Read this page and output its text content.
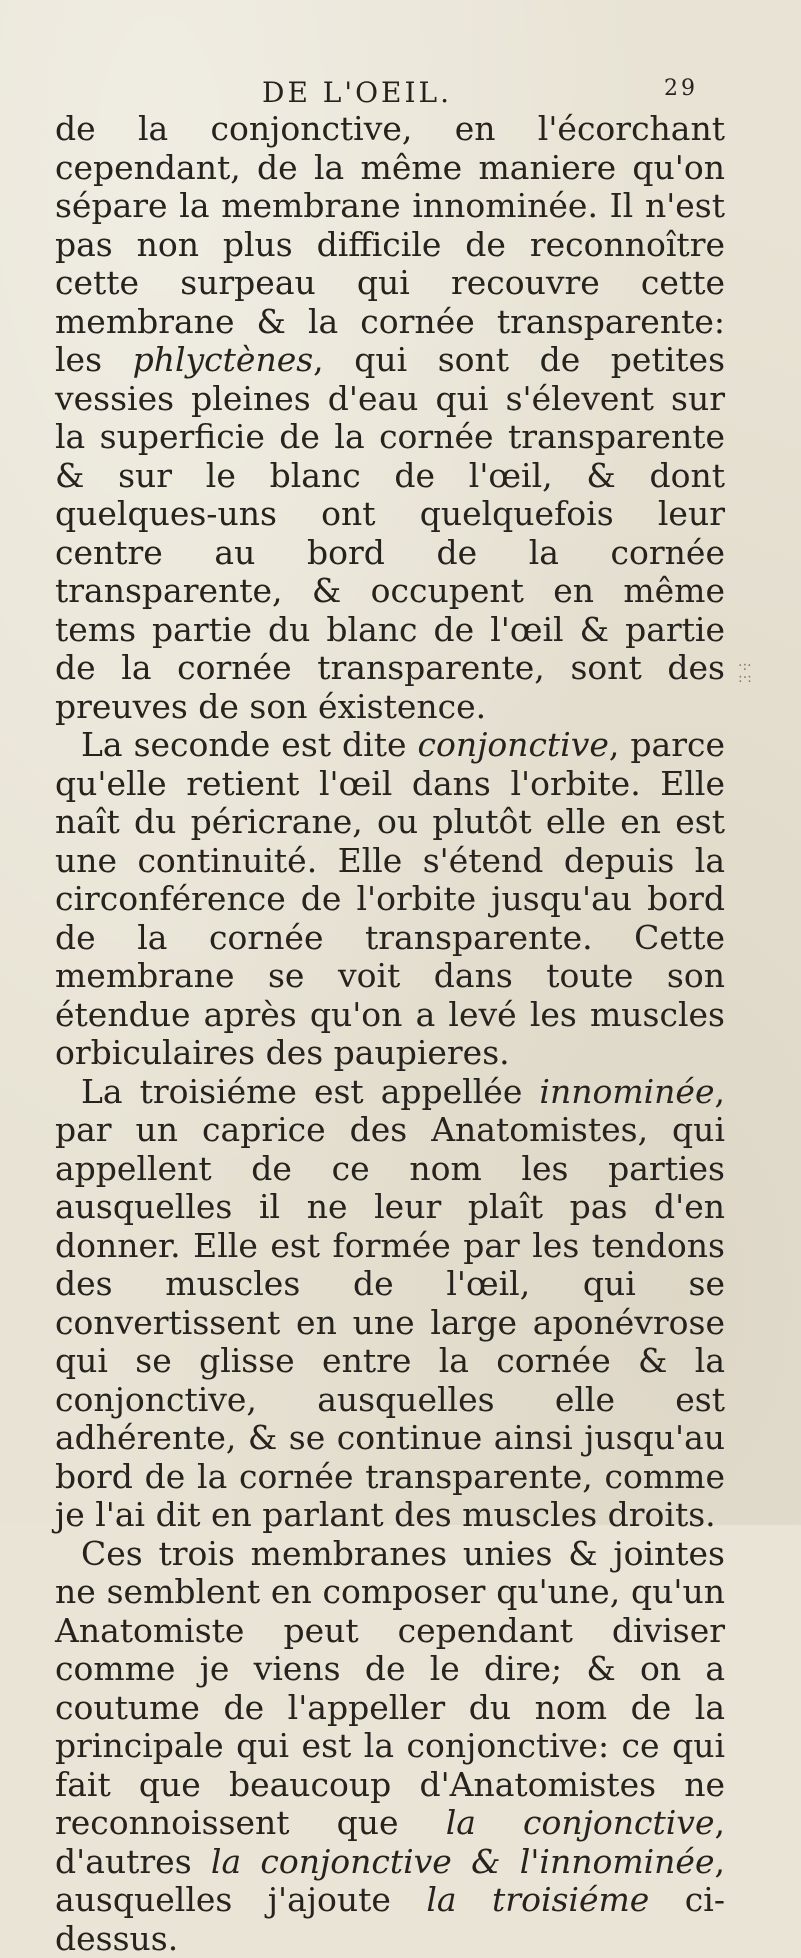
DE L'OEIL.	29

de la conjonctive, en l'écorchant cependant, de la même maniere qu'on sépare la membrane innominée. Il n'est pas non plus difficile de reconnoître cette surpeau qui recouvre cette membrane & la cornée transparente: les phlyctènes, qui sont de petites vessies pleines d'eau qui s'élevent sur la superficie de la cornée transparente & sur le blanc de l'œil, & dont quelques-uns ont quelquefois leur centre au bord de la cornée transparente, & occupent en même tems partie du blanc de l'œil & partie de la cornée transparente, sont des preuves de son éxistence.

La seconde est dite conjonctive, parce qu'elle retient l'œil dans l'orbite. Elle naît du péricrane, ou plutôt elle en est une continuité. Elle s'étend depuis la circonférence de l'orbite jusqu'au bord de la cornée transparente. Cette membrane se voit dans toute son étendue après qu'on a levé les muscles orbiculaires des paupieres.

La troisiéme est appellée innominée, par un caprice des Anatomistes, qui appellent de ce nom les parties ausquelles il ne leur plaît pas d'en donner. Elle est formée par les tendons des muscles de l'œil, qui se convertissent en une large aponévrose qui se glisse entre la cornée & la conjonctive, ausquelles elle est adhérente, & se continue ainsi jusqu'au bord de la cornée transparente, comme je l'ai dit en parlant des muscles droits.

Ces trois membranes unies & jointes ne semblent en composer qu'une, qu'un Anatomiste peut cependant diviser comme je viens de le dire; & on a coutume de l'appeller du nom de la principale qui est la conjonctive: ce qui fait que beaucoup d'Anatomistes ne reconnoissent que la conjonctive, d'autres la conjonctive & l'innominée, ausquelles j'ajoute la troisiéme ci-dessus.

·:·
:·:
